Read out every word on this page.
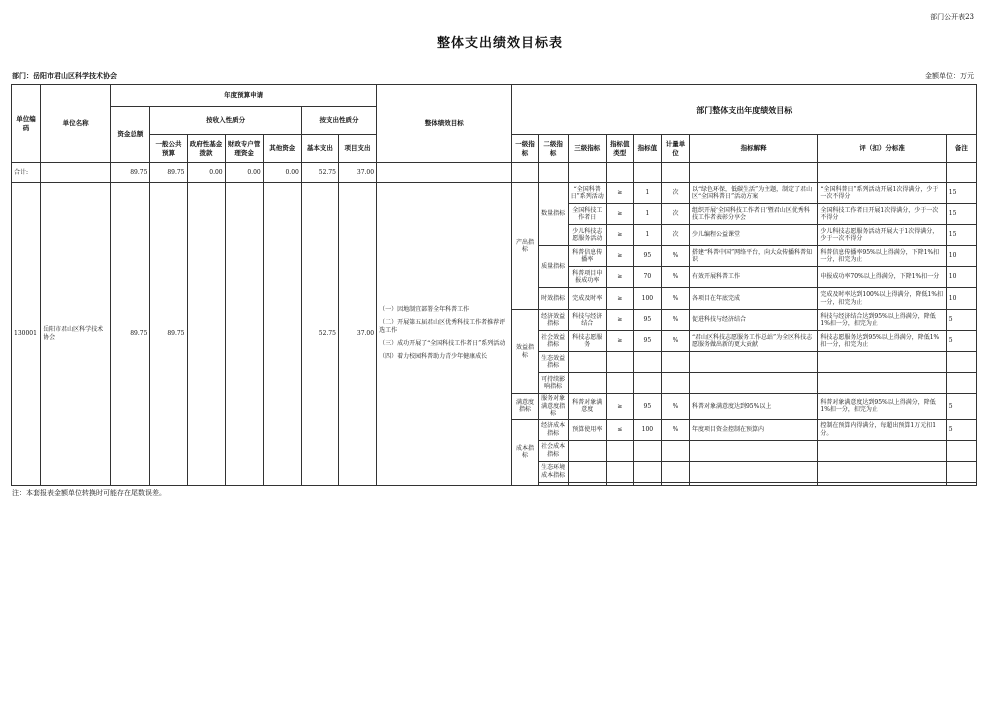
部门公开表23
整体支出绩效目标表
部门：岳阳市君山区科学技术协会	金额单位：万元
单位编码	单位名称	年度预算申请							整体绩效目标	部门整体支出年度绩效目标								
		资金总额	按收入性质分				按支出性质分											
			一般公共预算	政府性基金拨款	财政专户管理资金	其他资金	基本支出	项目支出		一级指标	二级指标	三级指标	指标值类型	指标值	计量单位	指标解释	评（扣）分标准	备注
合计:		89.75	89.75	0.00	0.00	0.00	52.75	37.00										
130001	岳阳市君山区科学技术协会	89.75	89.75				52.75	37.00	（一）因地制宜部署全年科普工作
（二）开展第五届君山区优秀科技工作者推荐评选工作
（三）成功开展了“全国科技工作者日”系列活动
（四）着力校园科普助力青少年健康成长	产出指标	数量指标	“全国科普日”系列活动	≥	1	次	以“绿色环保，低碳生活”为主题，制定了君山区“全国科普日”活动方案	“全国科普日”系列活动开展1次得满分，少于一次不得分	15
												全国科技工作者日	≥	1	次	组织开展‘全国科技工作者日’暨君山区优秀科技工作者表彰分享会	全国科技工作者日开展1次得满分，少于一次不得分	15
												少儿科技志愿服务活动	≥	1	次	少儿编程公益课堂	少儿科技志愿服务活动开展大于1次得满分，少于一次不得分	15
											质量指标	科普信息传播率	≥	95	%	搭建“科普中国”网络平台，向大众传播科普知识	科普信息传播率95%以上得满分，下降1%扣一分，扣完为止	10
												科普项目申报成功率	≥	70	%	有效开展科普工作	申报成功率70%以上得满分，下降1%扣一分	10
											时效指标	完成及时率	≥	100	%	各项目在年底完成	完成及时率达到100%以上得满分，降低1%扣一分，扣完为止	10
										效益指标	经济效益指标	科技与经济结合	≥	95	%	促进科技与经济结合	科技与经济结合达到95%以上得满分，降低1%扣一分，扣完为止	5
											社会效益指标	科技志愿服务	≥	95	%	“君山区科技志愿服务工作总站”为全区科技志愿服务做出新的更大贡献	科技志愿服务达到95%以上得满分，降低1%扣一分，扣完为止	5
											生态效益指标							
											可持续影响指标							
										满意度指标	服务对象满意度指标	科普对象满意度	≥	95	%	科普对象满意度达到95%以上	科普对象满意度达到95%以上得满分，降低1%扣一分，扣完为止	5
										成本指标	经济成本指标	预算使用率	≤	100	%	年度项目资金控制在预算内	控制在预算内得满分，每超出预算1万元扣1分。	5
											社会成本指标							
											生态环境成本指标							

注：本套报表金额单位转换时可能存在尾数误差。
